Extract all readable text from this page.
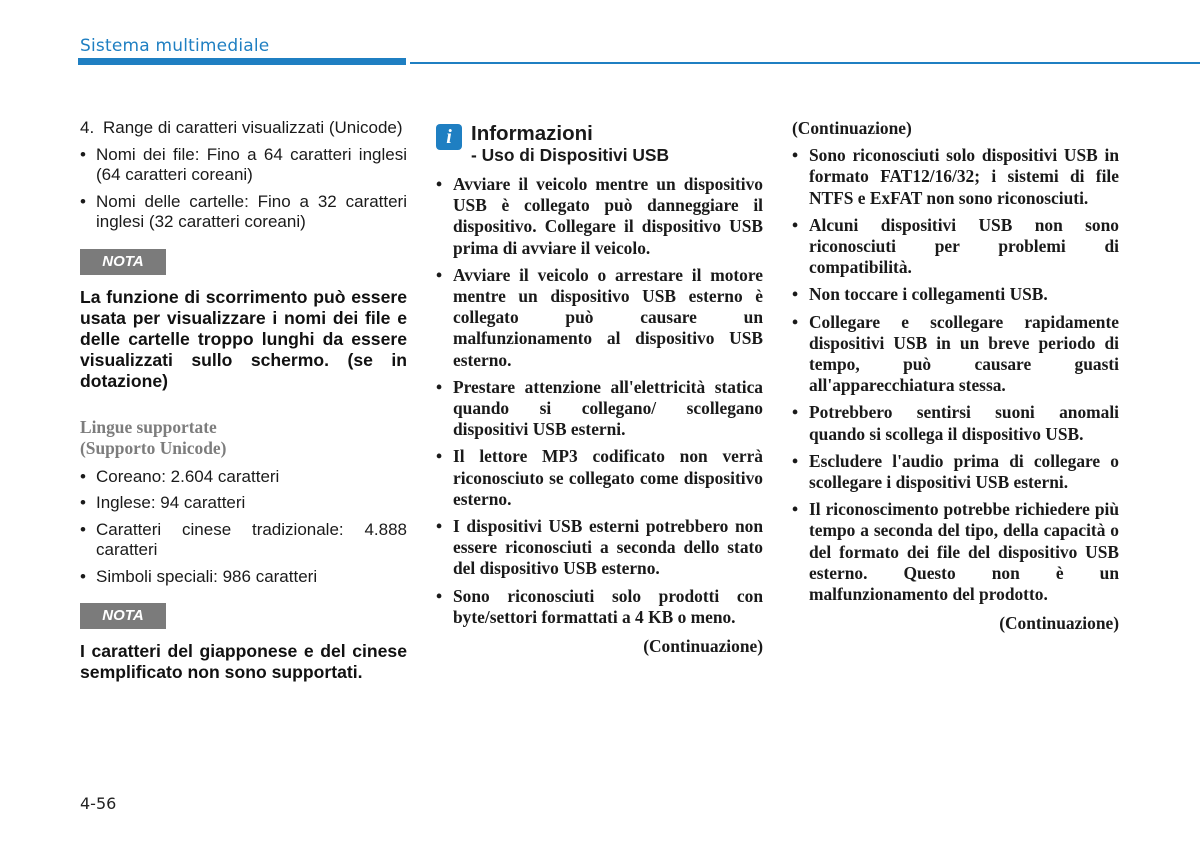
Sistema multimediale
4. Range di caratteri visualizzati (Unicode)
• Nomi dei file: Fino a 64 caratteri inglesi (64 caratteri coreani)
• Nomi delle cartelle: Fino a 32 caratteri inglesi (32 caratteri coreani)
NOTA
La funzione di scorrimento può essere usata per visualizzare i nomi dei file e delle cartelle troppo lunghi da essere visualizzati sullo schermo. (se in dotazione)
Lingue supportate
(Supporto Unicode)
• Coreano: 2.604 caratteri
• Inglese: 94 caratteri
• Caratteri cinese tradizionale: 4.888 caratteri
• Simboli speciali: 986 caratteri
NOTA
I caratteri del giapponese e del cinese semplificato non sono supportati.
i Informazioni
- Uso di Dispositivi USB
• Avviare il veicolo mentre un dispositivo USB è collegato può danneggiare il dispositivo. Collegare il dispositivo USB prima di avviare il veicolo.
• Avviare il veicolo o arrestare il motore mentre un dispositivo USB esterno è collegato può causare un malfunzionamento al dispositivo USB esterno.
• Prestare attenzione all'elettricità statica quando si collegano/ scollegano dispositivi USB esterni.
• Il lettore MP3 codificato non verrà riconosciuto se collegato come dispositivo esterno.
• I dispositivi USB esterni potrebbero non essere riconosciuti a seconda dello stato del dispositivo USB esterno.
• Sono riconosciuti solo prodotti con byte/settori formattati a 4 KB o meno.
(Continuazione)
(Continuazione)
• Sono riconosciuti solo dispositivi USB in formato FAT12/16/32; i sistemi di file NTFS e ExFAT non sono riconosciuti.
• Alcuni dispositivi USB non sono riconosciuti per problemi di compatibilità.
• Non toccare i collegamenti USB.
• Collegare e scollegare rapidamente dispositivi USB in un breve periodo di tempo, può causare guasti all'apparecchiatura stessa.
• Potrebbero sentirsi suoni anomali quando si scollega il dispositivo USB.
• Escludere l'audio prima di collegare o scollegare i dispositivi USB esterni.
• Il riconoscimento potrebbe richiedere più tempo a seconda del tipo, della capacità o del formato dei file del dispositivo USB esterno. Questo non è un malfunzionamento del prodotto.
(Continuazione)
4-56
